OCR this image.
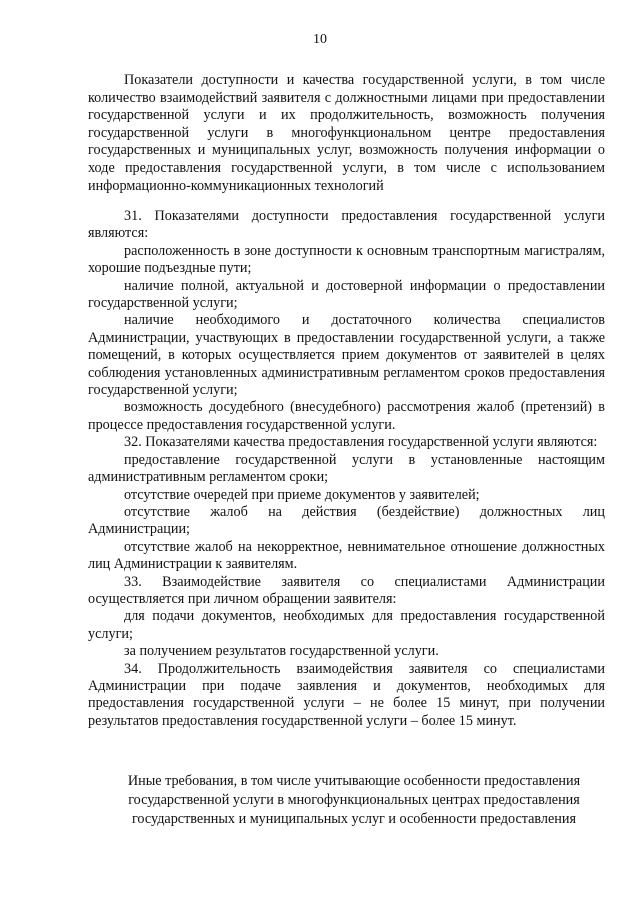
10
Показатели доступности и качества государственной услуги, в том числе количество взаимодействий заявителя с должностными лицами при предоставлении государственной услуги и их продолжительность, возможность получения государственной услуги в многофункциональном центре предоставления государственных и муниципальных услуг, возможность получения информации о ходе предоставления государственной услуги, в том числе с использованием информационно-коммуникационных технологий

31. Показателями доступности предоставления государственной услуги являются:

расположенность в зоне доступности к основным транспортным магистралям, хорошие подъездные пути;

наличие полной, актуальной и достоверной информации о предоставлении государственной услуги;

наличие необходимого и достаточного количества специалистов Администрации, участвующих в предоставлении государственной услуги, а также помещений, в которых осуществляется прием документов от заявителей в целях соблюдения установленных административным регламентом сроков предоставления государственной услуги;

возможность досудебного (внесудебного) рассмотрения жалоб (претензий) в процессе предоставления государственной услуги.

32. Показателями качества предоставления государственной услуги являются:

предоставление государственной услуги в установленные настоящим административным регламентом сроки;

отсутствие очередей при приеме документов у заявителей;

отсутствие жалоб на действия (бездействие) должностных лиц Администрации;

отсутствие жалоб на некорректное, невнимательное отношение должностных лиц Администрации к заявителям.

33. Взаимодействие заявителя со специалистами Администрации осуществляется при личном обращении заявителя:

для подачи документов, необходимых для предоставления государственной услуги;

за получением результатов государственной услуги.

34. Продолжительность взаимодействия заявителя со специалистами Администрации при подаче заявления и документов, необходимых для предоставления государственной услуги – не более 15 минут, при получении результатов предоставления государственной услуги – более 15 минут.

Иные требования, в том числе учитывающие особенности предоставления государственной услуги в многофункциональных центрах предоставления государственных и муниципальных услуг и особенности предоставления
